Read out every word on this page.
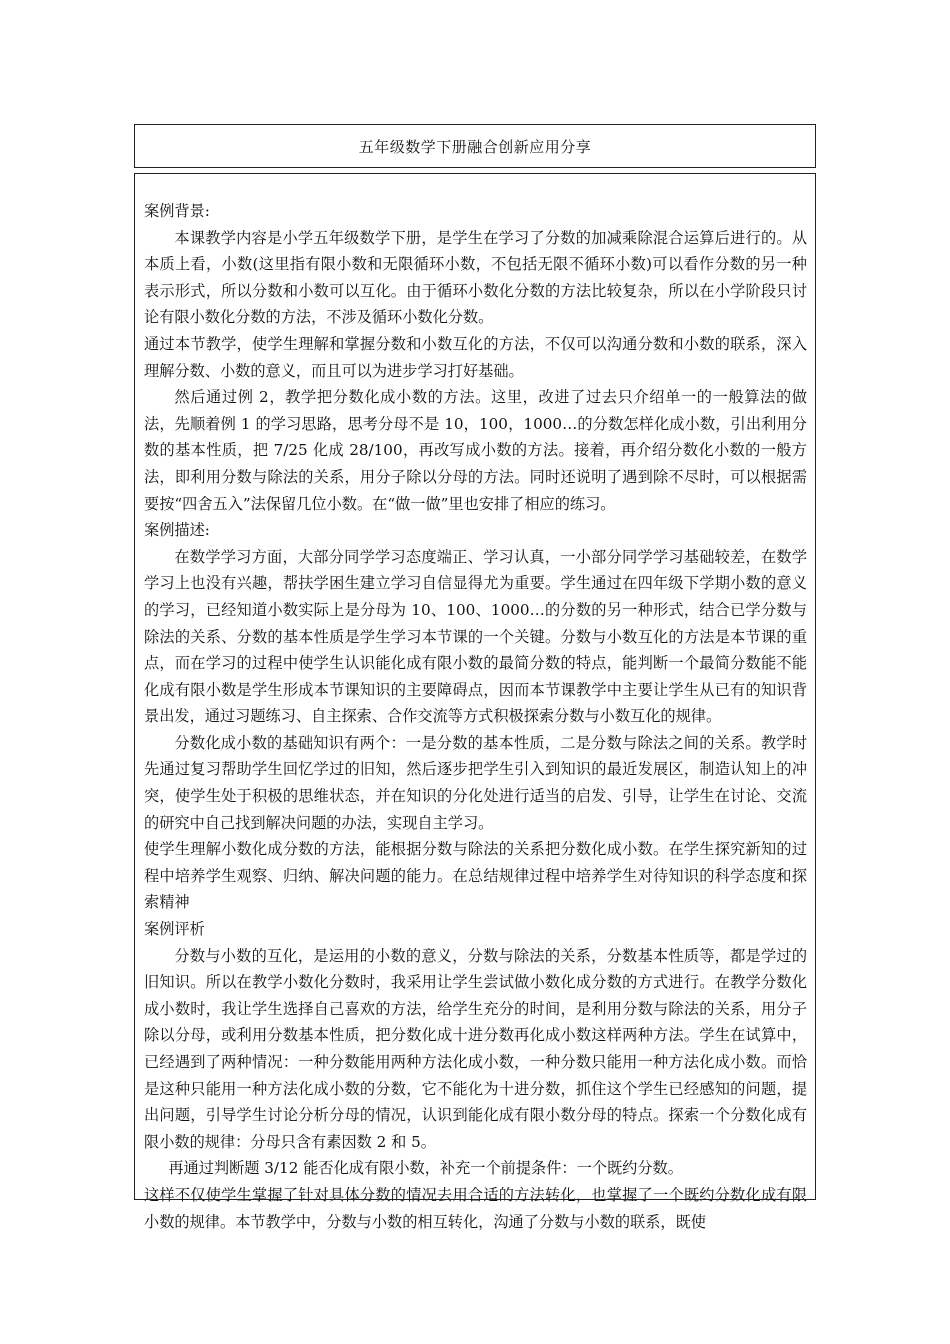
五年级数学下册融合创新应用分享

案例背景:

本课教学内容是小学五年级数学下册，是学生在学习了分数的加减乘除混合运算后进行的。从本质上看，小数(这里指有限小数和无限循环小数，不包括无限不循环小数)可以看作分数的另一种表示形式，所以分数和小数可以互化。由于循环小数化分数的方法比较复杂，所以在小学阶段只讨论有限小数化分数的方法，不涉及循环小数化分数。

通过本节教学，使学生理解和掌握分数和小数互化的方法，不仅可以沟通分数和小数的联系，深入理解分数、小数的意义，而且可以为进步学习打好基础。

然后通过例 2，教学把分数化成小数的方法。这里，改进了过去只介绍单一的一般算法的做法，先顺着例 1 的学习思路，思考分母不是 10，100，1000…的分数怎样化成小数，引出利用分数的基本性质，把 7/25 化成 28/100，再改写成小数的方法。接着，再介绍分数化小数的一般方法，即利用分数与除法的关系，用分子除以分母的方法。同时还说明了遇到除不尽时，可以根据需要按“四舍五入”法保留几位小数。在“做一做”里也安排了相应的练习。

案例描述:

在数学学习方面，大部分同学学习态度端正、学习认真，一小部分同学学习基础较差，在数学学习上也没有兴趣，帮扶学困生建立学习自信显得尤为重要。学生通过在四年级下学期小数的意义的学习，已经知道小数实际上是分母为 10、100、1000…的分数的另一种形式，结合已学分数与除法的关系、分数的基本性质是学生学习本节课的一个关键。分数与小数互化的方法是本节课的重点，而在学习的过程中使学生认识能化成有限小数的最简分数的特点，能判断一个最简分数能不能化成有限小数是学生形成本节课知识的主要障碍点，因而本节课教学中主要让学生从已有的知识背景出发，通过习题练习、自主探索、合作交流等方式积极探索分数与小数互化的规律。

分数化成小数的基础知识有两个：一是分数的基本性质，二是分数与除法之间的关系。教学时先通过复习帮助学生回忆学过的旧知，然后逐步把学生引入到知识的最近发展区，制造认知上的冲突，使学生处于积极的思维状态，并在知识的分化处进行适当的启发、引导，让学生在讨论、交流的研究中自己找到解决问题的办法，实现自主学习。

使学生理解小数化成分数的方法，能根据分数与除法的关系把分数化成小数。在学生探究新知的过程中培养学生观察、归纳、解决问题的能力。在总结规律过程中培养学生对待知识的科学态度和探索精神

案例评析

分数与小数的互化，是运用的小数的意义，分数与除法的关系，分数基本性质等，都是学过的旧知识。所以在教学小数化分数时，我采用让学生尝试做小数化成分数的方式进行。在教学分数化成小数时，我让学生选择自己喜欢的方法，给学生充分的时间，是利用分数与除法的关系，用分子除以分母，或利用分数基本性质，把分数化成十进分数再化成小数这样两种方法。学生在试算中，已经遇到了两种情况：一种分数能用两种方法化成小数，一种分数只能用一种方法化成小数。而恰是这种只能用一种方法化成小数的分数，它不能化为十进分数，抓住这个学生已经感知的问题，提出问题，引导学生讨论分析分母的情况，认识到能化成有限小数分母的特点。探索一个分数化成有限小数的规律：分母只含有素因数 2 和 5。

再通过判断题 3/12 能否化成有限小数，补充一个前提条件：一个既约分数。

这样不仅使学生掌握了针对具体分数的情况去用合适的方法转化，也掌握了一个既约分数化成有限小数的规律。本节教学中，分数与小数的相互转化，沟通了分数与小数的联系，既使
